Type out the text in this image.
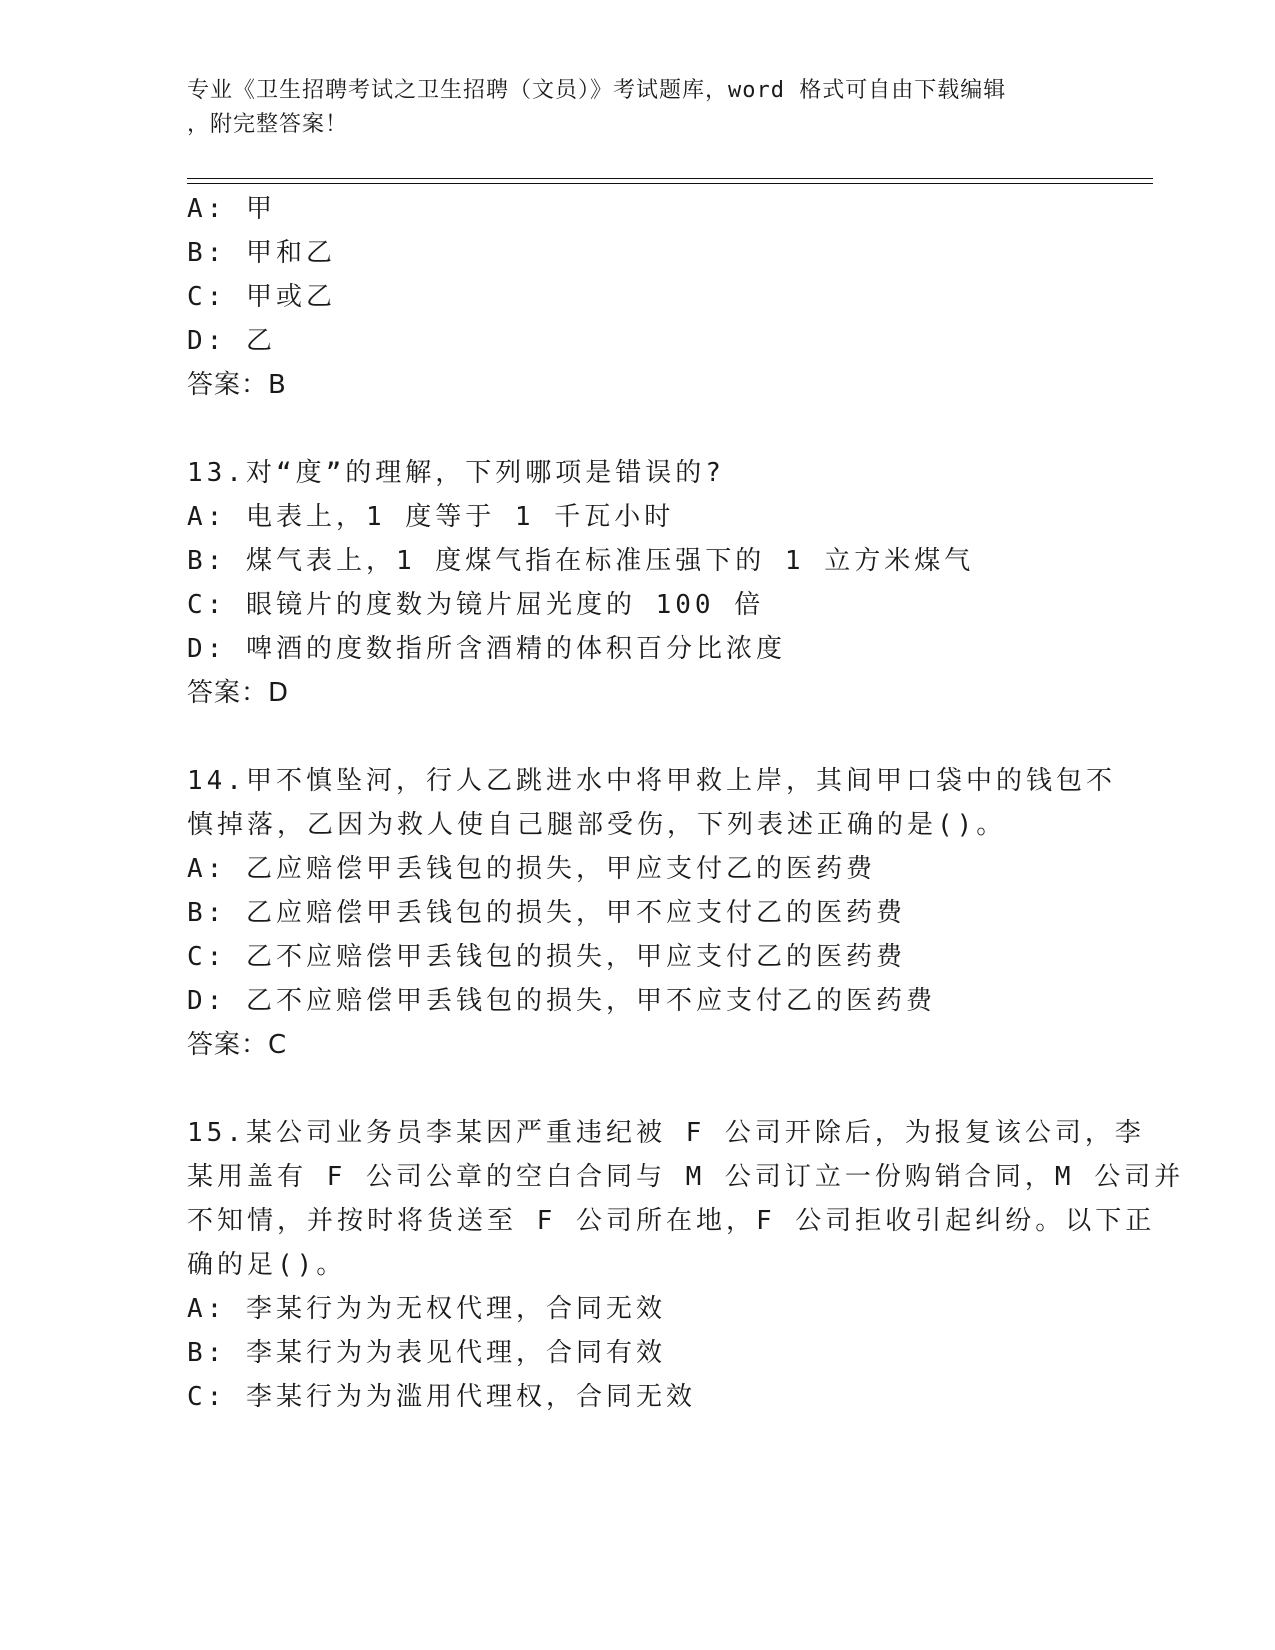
专业《卫生招聘考试之卫生招聘（文员）》考试题库，word 格式可自由下载编辑
，附完整答案！
A: 甲
B: 甲和乙
C: 甲或乙
D: 乙
答案：B
13.对“度”的理解，下列哪项是错误的?
A: 电表上，1 度等于 1 千瓦小时
B: 煤气表上，1 度煤气指在标准压强下的 1 立方米煤气
C: 眼镜片的度数为镜片屈光度的 100 倍
D: 啤酒的度数指所含酒精的体积百分比浓度
答案：D
14.甲不慎坠河，行人乙跳进水中将甲救上岸，其间甲口袋中的钱包不
慎掉落，乙因为救人使自己腿部受伤，下列表述正确的是()。
A: 乙应赔偿甲丢钱包的损失，甲应支付乙的医药费
B: 乙应赔偿甲丢钱包的损失，甲不应支付乙的医药费
C: 乙不应赔偿甲丢钱包的损失，甲应支付乙的医药费
D: 乙不应赔偿甲丢钱包的损失，甲不应支付乙的医药费
答案：C
15.某公司业务员李某因严重违纪被 F 公司开除后，为报复该公司，李
某用盖有 F 公司公章的空白合同与 M 公司订立一份购销合同，M 公司并
不知情，并按时将货送至 F 公司所在地，F 公司拒收引起纠纷。以下正
确的足()。
A: 李某行为为无权代理，合同无效
B: 李某行为为表见代理，合同有效
C: 李某行为为滥用代理权，合同无效
